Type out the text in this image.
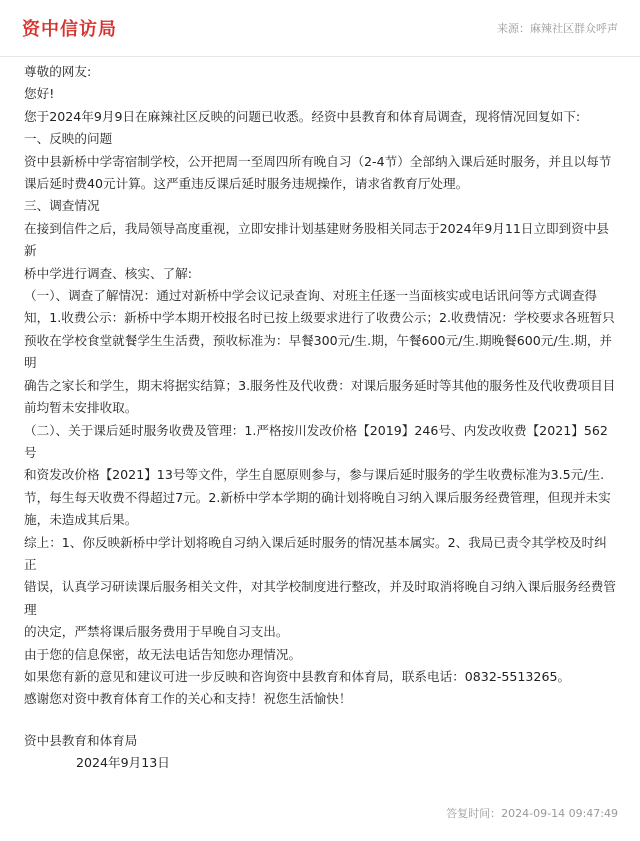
资中信访局	来源：麻辣社区群众呼声

尊敬的网友:

您好!

您于2024年9月9日在麻辣社区反映的问题已收悉。经资中县教育和体育局调查，现将情况回复如下:

一、反映的问题

资中县新桥中学寄宿制学校，公开把周一至周四所有晚自习（2-4节）全部纳入课后延时服务，并且以每节

课后延时费40元计算。这严重违反课后延时服务违规操作，请求省教育厅处理。

三、调查情况

在接到信件之后，我局领导高度重视，立即安排计划基建财务股相关同志于2024年9月11日立即到资中县新

桥中学进行调查、核实、了解:

（一）、调查了解情况：通过对新桥中学会议记录查询、对班主任逐一当面核实或电话讯问等方式调查得

知，1.收费公示：新桥中学本期开校报名时已按上级要求进行了收费公示；2.收费情况：学校要求各班暂只

预收在学校食堂就餐学生生活费，预收标准为：早餐300元/生.期，午餐600元/生.期晚餐600元/生.期，并明

确告之家长和学生，期末将据实结算；3.服务性及代收费：对课后服务延时等其他的服务性及代收费项目目

前均暂未安排收取。

（二）、关于课后延时服务收费及管理：1.严格按川发改价格【2019】246号、内发改收费【2021】562号

和资发改价格【2021】13号等文件，学生自愿原则参与，参与课后延时服务的学生收费标准为3.5元/生.

节，每生每天收费不得超过7元。2.新桥中学本学期的确计划将晚自习纳入课后服务经费管理，但现并未实

施，未造成其后果。

综上：1、你反映新桥中学计划将晚自习纳入课后延时服务的情况基本属实。2、我局已责令其学校及时纠正

错误，认真学习研读课后服务相关文件，对其学校制度进行整改，并及时取消将晚自习纳入课后服务经费管理

的决定，严禁将课后服务费用于早晚自习支出。

由于您的信息保密，故无法电话告知您办理情况。

如果您有新的意见和建议可进一步反映和咨询资中县教育和体育局，联系电话：0832-5513265。

感谢您对资中教育体育工作的关心和支持！祝您生活愉快！

资中县教育和体育局

2024年9月13日

答复时间：2024-09-14 09:47:49
